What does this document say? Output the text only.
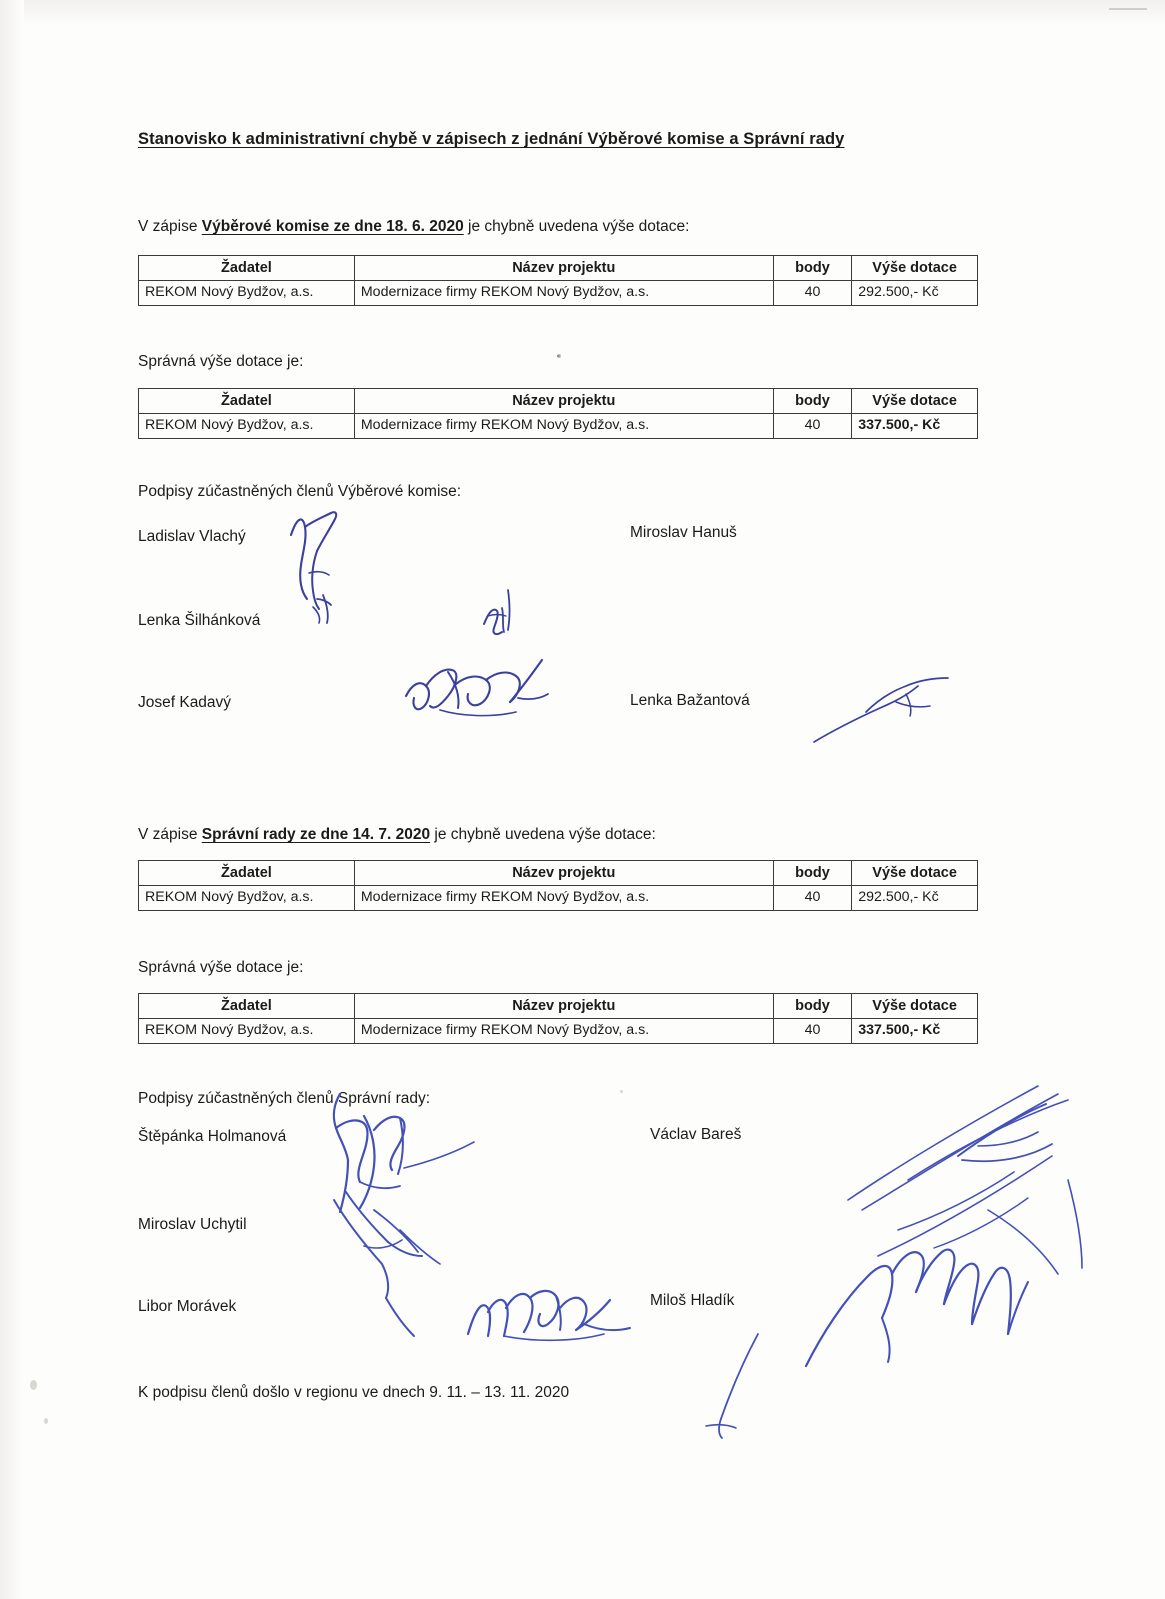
Stanovisko k administrativní chybě v zápisech z jednání Výběrové komise a Správní rady
V zápise Výběrové komise ze dne 18. 6. 2020 je chybně uvedena výše dotace:
Žadatel	Název projektu	body	Výše dotace
REKOM Nový Bydžov, a.s.	Modernizace firmy REKOM Nový Bydžov, a.s.	40	292.500,- Kč
Správná výše dotace je:	⁌
Žadatel	Název projektu	body	Výše dotace
REKOM Nový Bydžov, a.s.	Modernizace firmy REKOM Nový Bydžov, a.s.	40	337.500,- Kč
Podpisy zúčastněných členů Výběrové komise:
Ladislav Vlachý	Miroslav Hanuš
Lenka Šilhánková
Josef Kadavý	Lenka Bažantová
V zápise Správní rady ze dne 14. 7. 2020 je chybně uvedena výše dotace:
Žadatel	Název projektu	body	Výše dotace
REKOM Nový Bydžov, a.s.	Modernizace firmy REKOM Nový Bydžov, a.s.	40	292.500,- Kč
Správná výše dotace je:
Žadatel	Název projektu	body	Výše dotace
REKOM Nový Bydžov, a.s.	Modernizace firmy REKOM Nový Bydžov, a.s.	40	337.500,- Kč
Podpisy zúčastněných členů Správní rady:
Štěpánka Holmanová	Václav Bareš
Miroslav Uchytil
Libor Morávek	Miloš Hladík
K podpisu členů došlo v regionu ve dnech 9. 11. – 13. 11. 2020
